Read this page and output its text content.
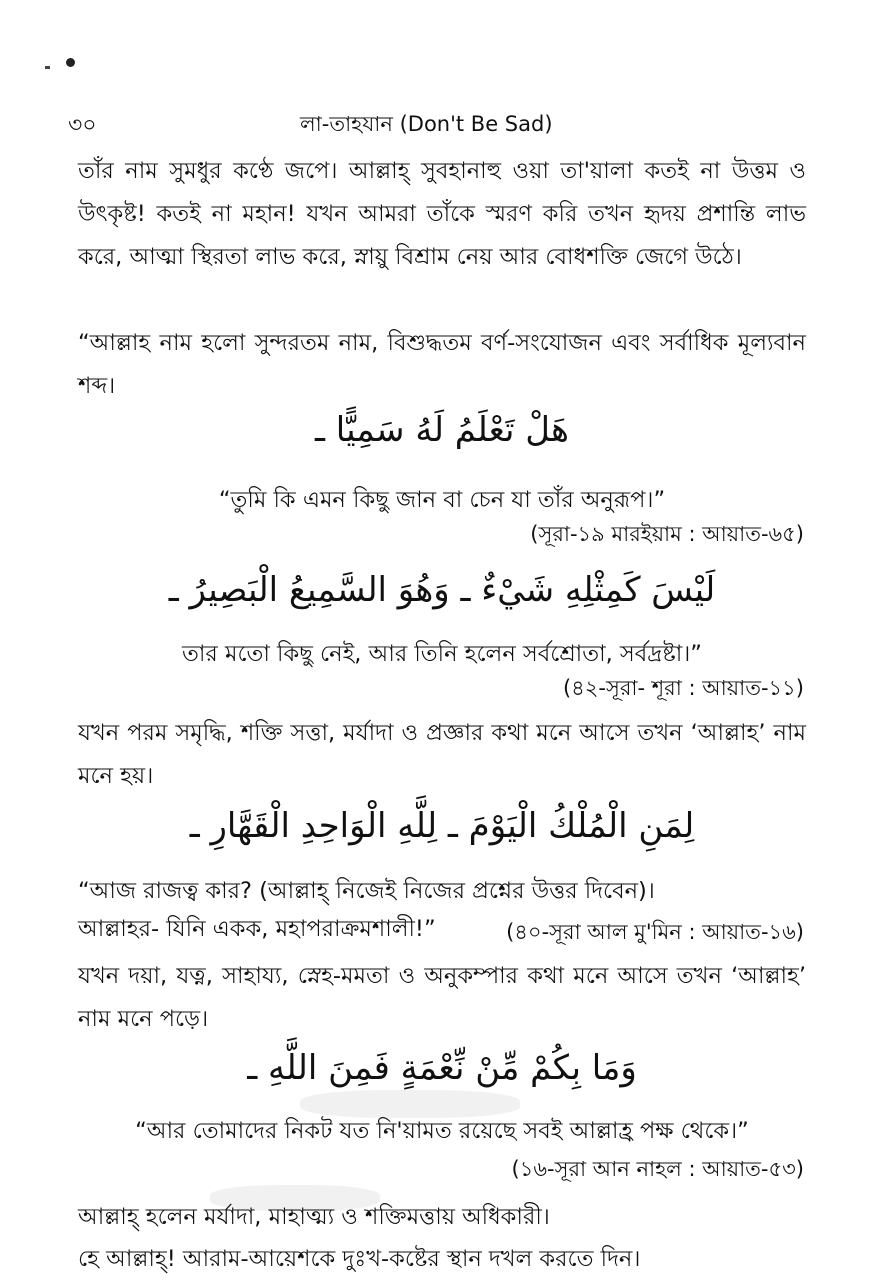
৩০	লা-তাহযান (Don't Be Sad)

তাঁর নাম সুমধুর কণ্ঠে জপে। আল্লাহ্ সুবহানাহু ওয়া তা'য়ালা কতই না উত্তম ও উৎকৃষ্ট! কতই না মহান! যখন আমরা তাঁকে স্মরণ করি তখন হৃদয় প্রশান্তি লাভ করে, আত্মা স্থিরতা লাভ করে, স্নায়ু বিশ্রাম নেয় আর বোধশক্তি জেগে উঠে।

“আল্লাহ নাম হলো সুন্দরতম নাম, বিশুদ্ধতম বর্ণ-সংযোজন এবং সর্বাধিক মূল্যবান শব্দ।

هَلْ تَعْلَمُ لَهُ سَمِيًّا ـ

“তুমি কি এমন কিছু জান বা চেন যা তাঁর অনুরূপ।”

(সূরা-১৯ মারইয়াম : আয়াত-৬৫)

لَيْسَ كَمِثْلِهِ شَيْءٌ ـ وَهُوَ السَّمِيعُ الْبَصِيرُ ـ

তার মতো কিছু নেই, আর তিনি হলেন সর্বশ্রোতা, সর্বদ্রষ্টা।”

(৪২-সূরা- শূরা : আয়াত-১১)

যখন পরম সমৃদ্ধি, শক্তি সত্তা, মর্যাদা ও প্রজ্ঞার কথা মনে আসে তখন ‘আল্লাহ’ নাম মনে হয়।

لِمَنِ الْمُلْكُ الْيَوْمَ ـ لِلَّهِ الْوَاحِدِ الْقَهَّارِ ـ

“আজ রাজত্ব কার? (আল্লাহ্ নিজেই নিজের প্রশ্নের উত্তর দিবেন)।

আল্লাহর- যিনি একক, মহাপরাক্রমশালী!”	(৪০-সূরা আল মু'মিন : আয়াত-১৬)

যখন দয়া, যত্ন, সাহায্য, স্নেহ-মমতা ও অনুকম্পার কথা মনে আসে তখন ‘আল্লাহ’ নাম মনে পড়ে।

وَمَا بِكُمْ مِّنْ نِّعْمَةٍ فَمِنَ اللَّهِ ـ

“আর তোমাদের নিকট যত নি'য়ামত রয়েছে সবই আল্লাহ্র পক্ষ থেকে।”

(১৬-সূরা আন নাহল : আয়াত-৫৩)

আল্লাহ্ হলেন মর্যাদা, মাহাত্ম্য ও শক্তিমত্তায় অধিকারী।

হে আল্লাহ্! আরাম-আয়েশকে দুঃখ-কষ্টের স্থান দখল করতে দিন।
